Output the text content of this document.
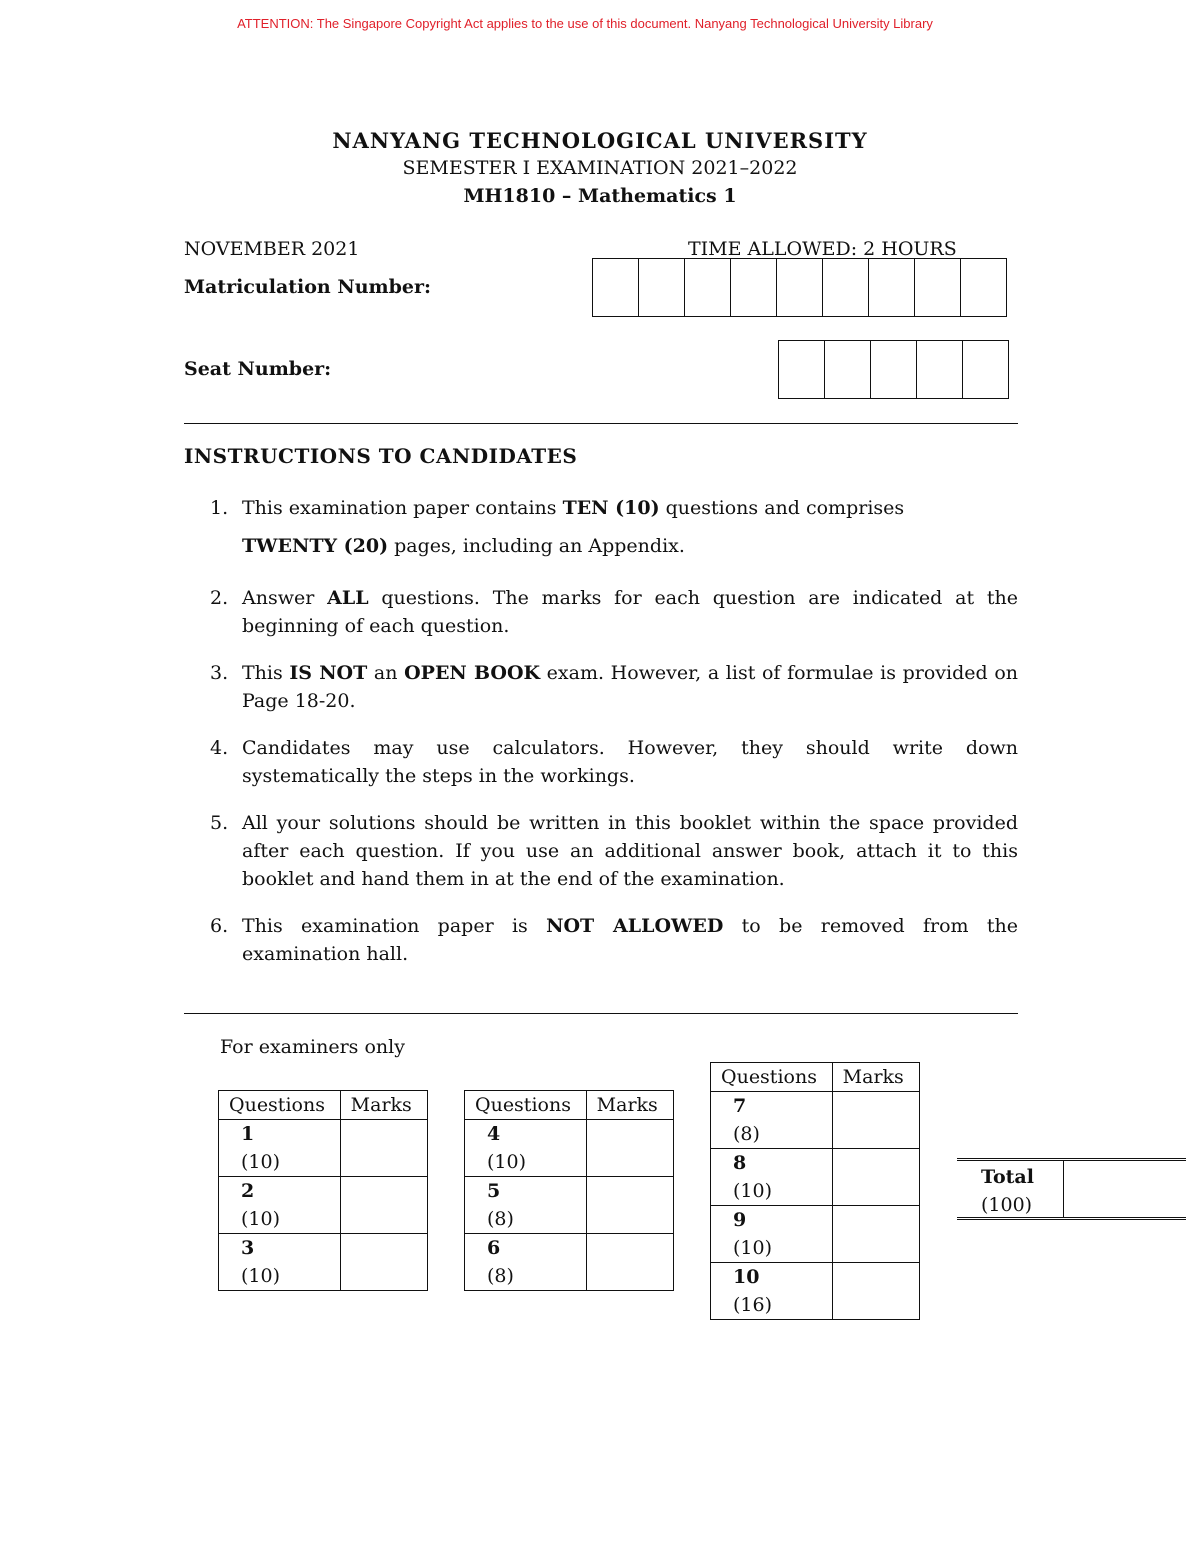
ATTENTION: The Singapore Copyright Act applies to the use of this document. Nanyang Technological University Library
NANYANG TECHNOLOGICAL UNIVERSITY
SEMESTER I EXAMINATION 2021–2022
MH1810 – Mathematics 1
NOVEMBER 2021	TIME ALLOWED: 2 HOURS
Matriculation Number:
Seat Number:
INSTRUCTIONS TO CANDIDATES
1. This examination paper contains TEN (10) questions and comprises
TWENTY (20) pages, including an Appendix.
2. Answer ALL questions. The marks for each question are indicated at the beginning of each question.
3. This IS NOT an OPEN BOOK exam. However, a list of formulae is provided on Page 18-20.
4. Candidates may use calculators. However, they should write down systematically the steps in the workings.
5. All your solutions should be written in this booklet within the space provided after each question. If you use an additional answer book, attach it to this booklet and hand them in at the end of the examination.
6. This examination paper is NOT ALLOWED to be removed from the examination hall.
For examiners only
Questions	Marks

1
(10)	

2
(10)	

3
(10)	

Questions	Marks

4
(10)	

5
(8)	

6
(8)	

Questions	Marks

7
(8)	

8
(10)	

9
(10)	

10
(16)	

Total
(100)
